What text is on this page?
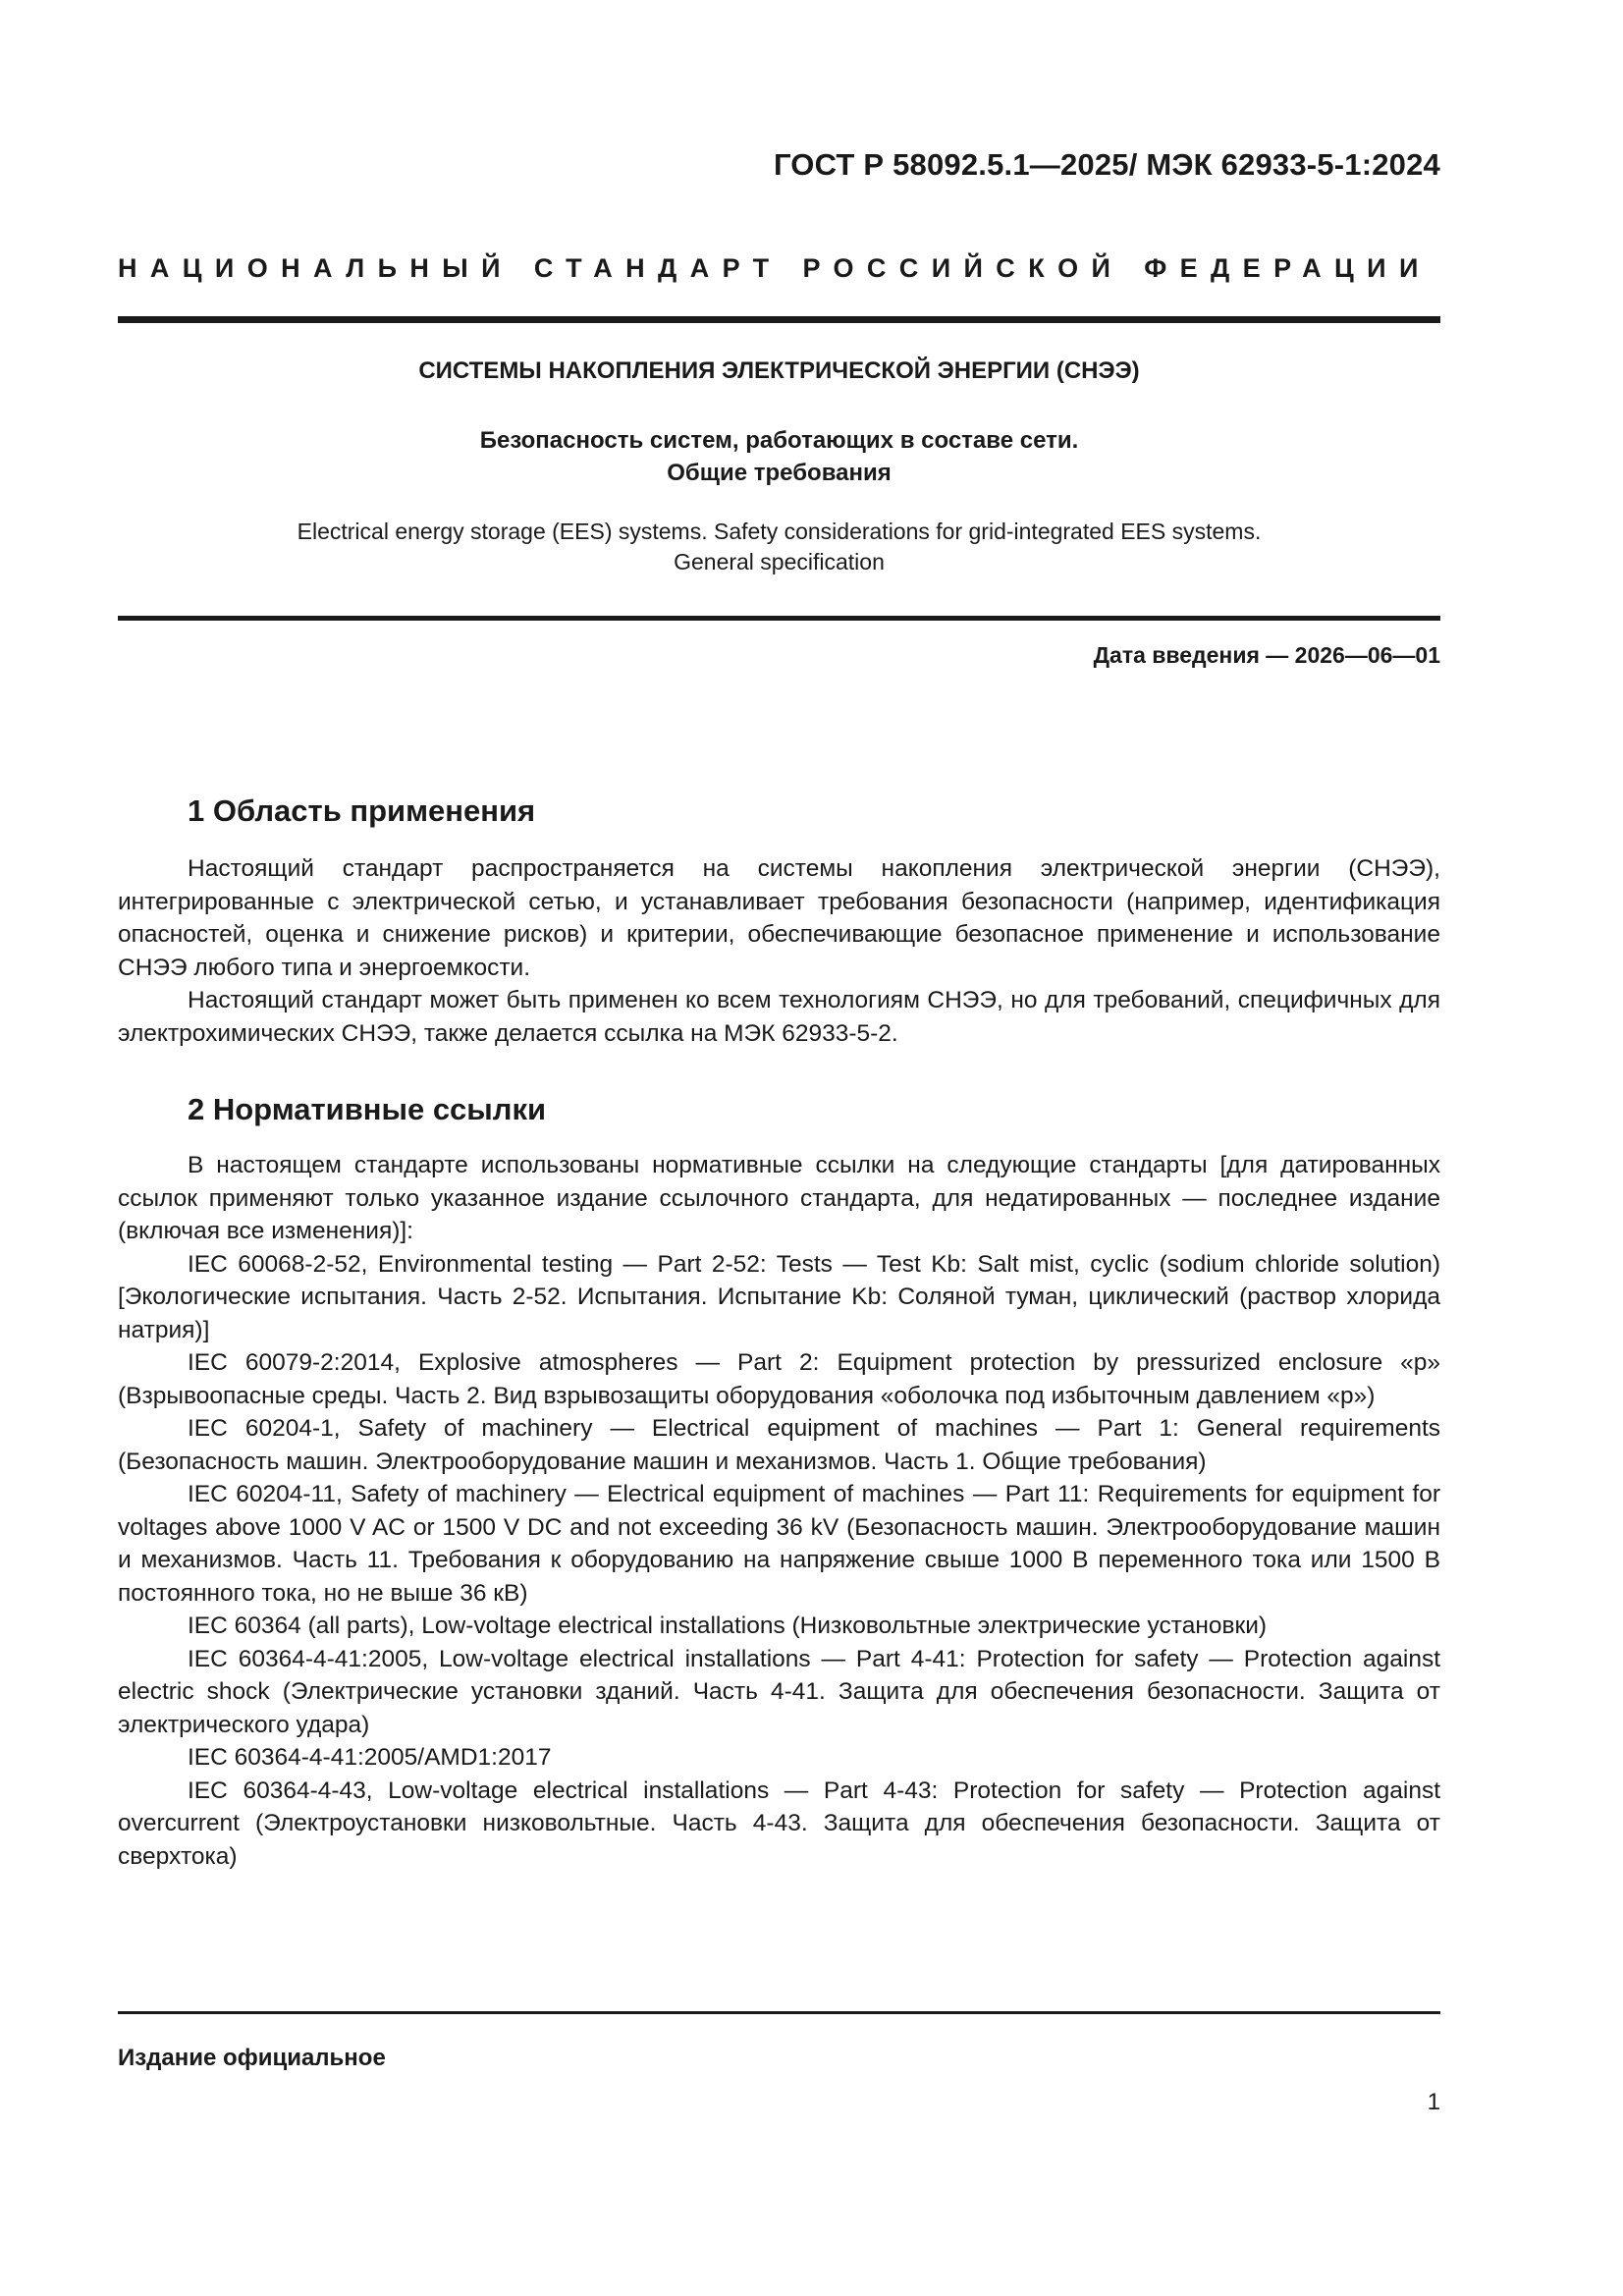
ГОСТ Р 58092.5.1—2025/ МЭК 62933-5-1:2024
НАЦИОНАЛЬНЫЙ СТАНДАРТ РОССИЙСКОЙ ФЕДЕРАЦИИ
СИСТЕМЫ НАКОПЛЕНИЯ ЭЛЕКТРИЧЕСКОЙ ЭНЕРГИИ (СНЭЭ)
Безопасность систем, работающих в составе сети.
Общие требования
Electrical energy storage (EES) systems. Safety considerations for grid-integrated EES systems.
General specification
Дата введения — 2026—06—01
1 Область применения

Настоящий стандарт распространяется на системы накопления электрической энергии (СНЭЭ), интегрированные с электрической сетью, и устанавливает требования безопасности (например, идентификация опасностей, оценка и снижение рисков) и критерии, обеспечивающие безопасное применение и использование СНЭЭ любого типа и энергоемкости.

Настоящий стандарт может быть применен ко всем технологиям СНЭЭ, но для требований, специфичных для электрохимических СНЭЭ, также делается ссылка на МЭК 62933-5-2.

2 Нормативные ссылки

В настоящем стандарте использованы нормативные ссылки на следующие стандарты [для датированных ссылок применяют только указанное издание ссылочного стандарта, для недатированных — последнее издание (включая все изменения)]:

IEC 60068-2-52, Environmental testing — Part 2-52: Tests — Test Kb: Salt mist, cyclic (sodium chloride solution) [Экологические испытания. Часть 2-52. Испытания. Испытание Kb: Соляной туман, циклический (раствор хлорида натрия)]

IEC 60079-2:2014, Explosive atmospheres — Part 2: Equipment protection by pressurized enclosure «p» (Взрывоопасные среды. Часть 2. Вид взрывозащиты оборудования «оболочка под избыточным давлением «p»)

IEC 60204-1, Safety of machinery — Electrical equipment of machines — Part 1: General requirements (Безопасность машин. Электрооборудование машин и механизмов. Часть 1. Общие требования)

IEC 60204-11, Safety of machinery — Electrical equipment of machines — Part 11: Requirements for equipment for voltages above 1000 V AC or 1500 V DC and not exceeding 36 kV (Безопасность машин. Электрооборудование машин и механизмов. Часть 11. Требования к оборудованию на напряжение свыше 1000 В переменного тока или 1500 В постоянного тока, но не выше 36 кВ)

IEC 60364 (all parts), Low-voltage electrical installations (Низковольтные электрические установки)

IEC 60364-4-41:2005, Low-voltage electrical installations — Part 4-41: Protection for safety — Protection against electric shock (Электрические установки зданий. Часть 4-41. Защита для обеспечения безопасности. Защита от электрического удара)

IEC 60364-4-41:2005/AMD1:2017

IEC 60364-4-43, Low-voltage electrical installations — Part 4-43: Protection for safety — Protection against overcurrent (Электроустановки низковольтные. Часть 4-43. Защита для обеспечения безопасности. Защита от сверхтока)

Издание официальное
1
